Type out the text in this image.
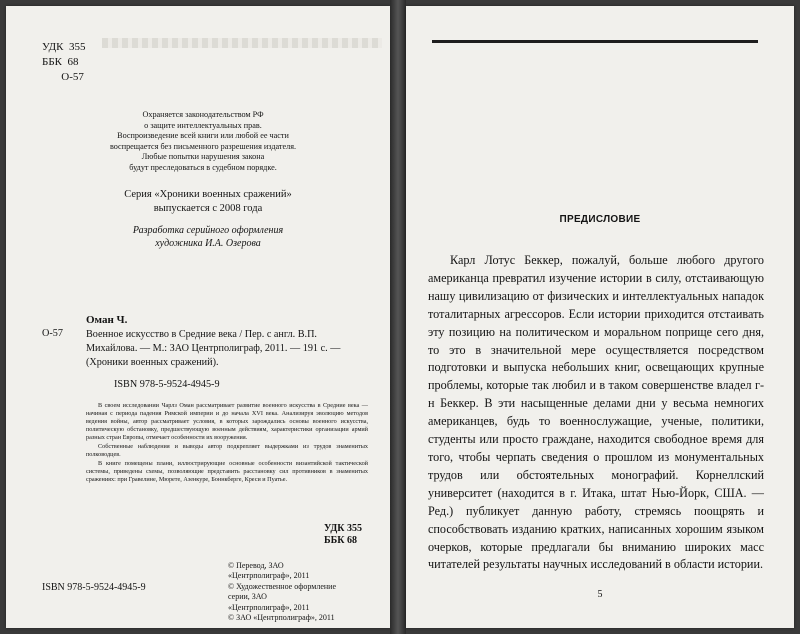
УДК  355
ББК  68
О-57
Охраняется законодательством РФ
о защите интеллектуальных прав.
Воспроизведение всей книги или любой ее части
воспрещается без письменного разрешения издателя.
Любые попытки нарушения закона
будут преследоваться в судебном порядке.
Серия «Хроники военных сражений»
выпускается с 2008 года
Разработка серийного оформления
художника И.А. Озерова
Оман Ч.
О-57 Военное искусство в Средние века / Пер. с англ. В.П. Михайлова. — М.: ЗАО Центрполиграф, 2011. — 191 с. — (Хроники военных сражений).
ISBN 978-5-9524-4945-9

В своем исследовании Чарлз Оман рассматривает развитие военного искусства в Средние века — начиная с периода падения Римской империи и до начала XVI века. Анализируя эволюцию методов ведения войны, автор рассматривает условия, в которых зарождались основы военного искусства, политическую обстановку, предшествующую военным действиям, характеристики организации армий разных стран Европы, отмечает особенности их вооружения.

Собственные наблюдения и выводы автор подкрепляет выдержками из трудов знаменитых полководцев.

В книге помещены плани, иллюстрирующие основные особенности византийской тактической системы, приведены схемы, позволяющие представить расстановку сил противников в знаменитых сражениях: при Гравелине, Мюрете, Азенкуре, Боннкберге, Креси и Пуатье.

УДК 355
ББК 68
© Перевод, ЗАО
«Центрполиграф», 2011
© Художественное оформление
серии, ЗАО
«Центрполиграф», 2011
© ЗАО «Центрполиграф», 2011
ISBN 978-5-9524-4945-9
ПРЕДИСЛОВИЕ
Карл Лотус Беккер, пожалуй, больше любого другого американца превратил изучение истории в силу, отстаивающую нашу цивилизацию от физических и интеллектуальных нападок тоталитарных агрессоров. Если истории приходится отстаивать эту позицию на политическом и моральном поприще сего дня, то это в значительной мере осуществляется посредством подготовки и выпуска небольших книг, освещающих крупные проблемы, которые так любил и в таком совершенстве владел г-н Беккер. В эти насыщенные делами дни у весьма немногих американцев, будь то военнослужащие, ученые, политики, студенты или просто граждане, находится свободное время для того, чтобы черпать сведения о прошлом из монументальных трудов или обстоятельных монографий. Корнеллский университет (находится в г. Итака, штат Нью-Йорк, США. — Ред.) публикует данную работу, стремясь поощрять и способствовать изданию кратких, написанных хорошим языком очерков, которые предлагали бы вниманию широких масс читателей результаты научных исследований в области истории.
5
